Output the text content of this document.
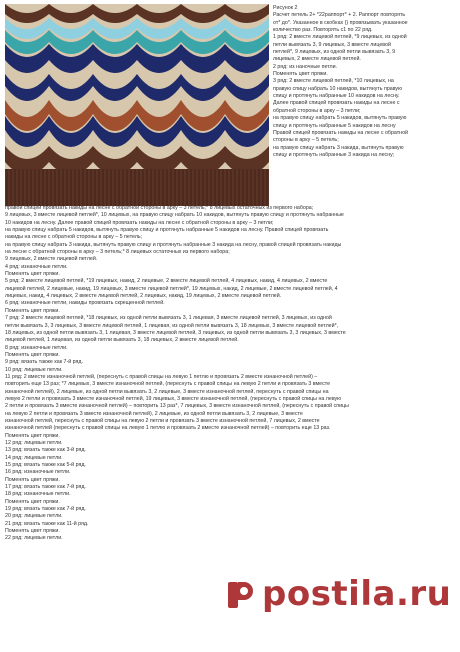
Рисунок 2
Расчет петель 2+ *22раппорт* + 2. Раппорт повторять
от* до*. Указанное в скобках () провязывать указанное
количество раз. Повторять с1 по 22 ряд.
1 ряд: 2 вместе лицевой петлей, *9 лицевых, из одной
петли вывязать 3, 9 лицевых, 3 вместе лицевой
петлей*, 9 лицевых, из одной петли вывязать 3, 9
лицевых, 2 вместе лицевой петлей.
2 ряд: из наночные петли.
Поменять цвет пряжи.
3 ряд: 2 вместе лицевой петлей, *10 лицевых, на
правую спицу набрать 10 накидов, вытянуть правую
спицу и протянуть набранные 10 накидов на лесну.
Далее правой спицей провязать накиды на лесне с
обратной стороны в арку – 3 петли;
на правую спицу набрать 5 накидов, вытянуть правую
спицу и протянуть набранные 5 накидов на лесну
Правой спицей провязать накиды на лесне с обратной
стороны в арку – 5 петель;
на правую спицу набрать 3 накида, вытянуть правую
спицу и протянуть набранные 3 накида на лесну;
правой спицей провязать накиды на лесне с обратной стороны в арку – 3 петель;* 8 лицевых остаточных из первого набора;
9 лицевых, 3 вместе лицевой петлей*, 10 лицевых, на правую спицу набрать 10 накидов, вытянуть правую спицу и протянуть набранные
10 накидов на лесну. Далее правой спицей провязать накиды на лесне с обратной стороны в арку – 3 петли;
на правую спицу набрать 5 накидов, вытянуть правую спицу и протянуть набранные 5 накидов на лесну. Правой спицей провязать
накиды на лесне с обратной стороны в арку – 5 петель;
на правую спицу набрать 3 накида, вытянуть правую спицу и протянуть набранные 3 накида на лесну, правой спицей провязать накиды
на лесне с обратной стороны в арку – 3 петель;* 8 лицевых остаточных из первого набора;
9 лицевых, 2 вместе лицевой петлей.
4 ряд: изнаночные петли.
Поменять цвет пряжи.
5 ряд: 2 вместе лицевой петлей, *19 лицевых, накид, 2 лицевые, 2 вместе лицевой петлей, 4 лицевых, накид, 4 лицевых, 2 вместе
лицевой петлей, 2 лицевые, накид, 19 лицевых, 3 вместе лицевой петлей*, 19 лицевых, накид, 2 лицевые, 2 вместе лицевой петлей, 4
лицевых, накид, 4 лицевых, 2 вместе лицевой петлей, 2 лицевых, накид, 19 лицевых, 2 вместе лицевой петлей.
6 ряд: изнаночные петли, накиды провязать скрещенной петлей.
Поменять цвет пряжи.
7 ряд: 2 вместе лицевой петлей, *18 лицевых, из одной петли вывязать 3, 1 лицевая, 3 вместе лицевой петлей, 3 лицевых, из одной
петли вывязать 3, 3 лицевых, 3 вместе лицевой петлей, 1 лицевая, из одной петли вывязать 3, 18 лицевых, 3 вместе лицевой петлей*,
18 лицевых, из одной петли вывязать 3, 1 лицевая, 3 вместе лицевой петлей, 3 лицевых, из одной петли вывязать 3, 3 лицевых, 3 вместе
лицевой петлей, 1 лицевая, из одной петли вывязать 3, 18 лицевых, 2 вместе лицевой петлей.
8 ряд: изнаночные петли.
Поменять цвет пряжи.
9 ряд: вязать также как 7-й ряд.
10 ряд: лицевые петли.
11 ряд: 2 вместе изнаночной петлей, (переснуть с правой спицы на левую 1 петлю и провязать 2 вместе изнаночной петлей) –
повторить еще 13 раз; *7 лицевых, 3 вместе изнаночной петлей, (переснуть с правой спицы на левую 2 петли и провязать 3 вместе
изнаночной петлей), 2 лицевые, из одной петли вывязать 3, 2 лицевые, 3 вместе изнаночной петлей, переснуть с правой спицы на
левую 2 петли и провязать 3 вместе изнаночной петлей, 19 лицевых, 3 вместе изнаночной петлей, (переснуть с правой спицы на левую
2 петли и провязать 3 вместе изнаночной петлей) – повторить 13 раз*, 7 лицевых, 3 вместе изнаночной петлей, (переснуть с правой спицы
на левую 2 петли и провязать 3 вместе изнаночной петлей), 2 лицевые, из одной петли вывязать 3, 2 лицевые, 3 вместе
изнаночной петлей, переснуть с правой спицы на левую 2 петли и провязать 3 вместе изнаночной петлей, 7 лицевых, 2 вместе
изнаночной петлей (переснуть с правой спицы на левую 1 петлю и провязать 2 вместе изнаночной петлей) – повторить еще 13 раз.
Поменять цвет пряжи.
12 ряд: лицевые петли.
13 ряд: вязать также как 3-й ряд.
14 ряд: лицевые петли.
15 ряд: вязать также как 5-й ряд.
16 ряд: изнаночные петли.
Поменять цвет пряжи.
17 ряд: вязать также как 7-й ряд.
18 ряд: изнаночные петли.
Поменять цвет пряжи.
19 ряд: вязать также как 7-й ряд.
20 ряд: лицевые петли.
21 ряд: вязать также как 11-й ряд.
Поменять цвет пряжи.
22 ряд: лицевые петли.
postila.ru
